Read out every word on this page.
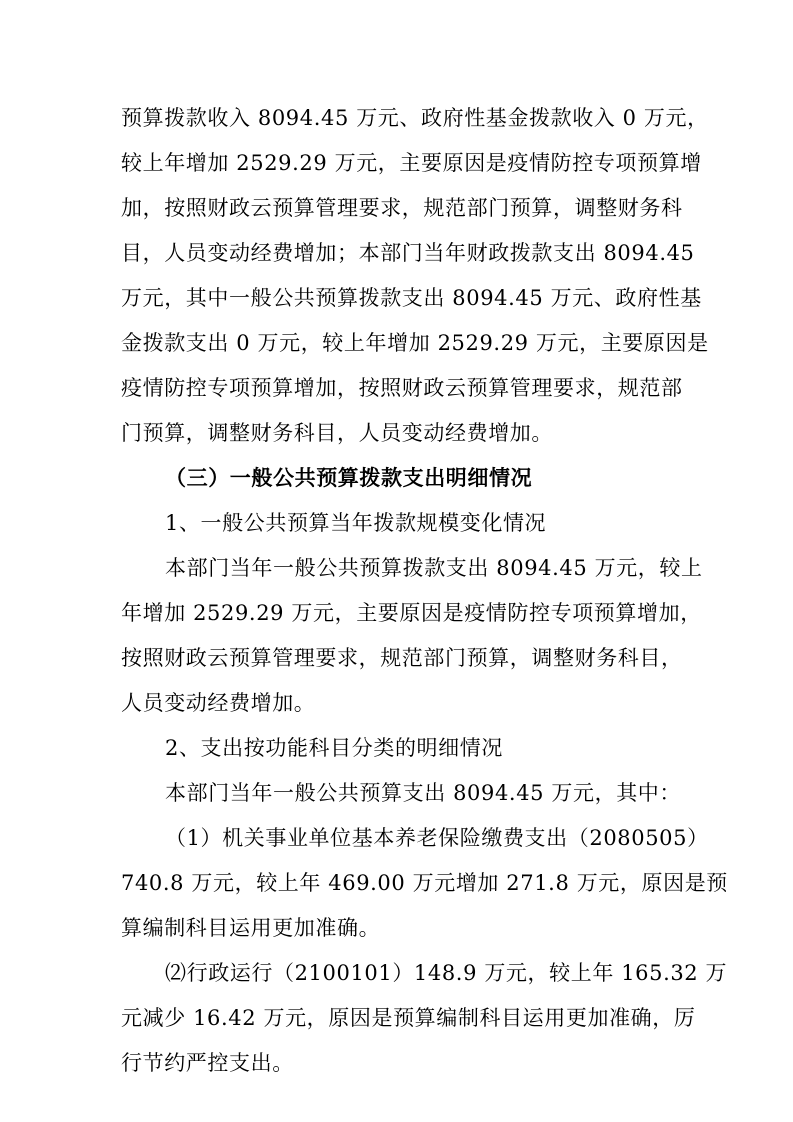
预算拨款收入 8094.45 万元、政府性基金拨款收入 0 万元，
较上年增加 2529.29 万元，主要原因是疫情防控专项预算增
加，按照财政云预算管理要求，规范部门预算，调整财务科
目，人员变动经费增加；本部门当年财政拨款支出 8094.45
万元，其中一般公共预算拨款支出 8094.45 万元、政府性基
金拨款支出 0 万元，较上年增加 2529.29 万元，主要原因是
疫情防控专项预算增加，按照财政云预算管理要求，规范部
门预算，调整财务科目，人员变动经费增加。
（三）一般公共预算拨款支出明细情况
1、一般公共预算当年拨款规模变化情况
本部门当年一般公共预算拨款支出 8094.45 万元，较上
年增加 2529.29 万元，主要原因是疫情防控专项预算增加，
按照财政云预算管理要求，规范部门预算，调整财务科目，
人员变动经费增加。
2、支出按功能科目分类的明细情况
本部门当年一般公共预算支出 8094.45 万元，其中：
（1）机关事业单位基本养老保险缴费支出（2080505）
740.8 万元，较上年 469.00 万元增加 271.8 万元，原因是预
算编制科目运用更加准确。
⑵行政运行（2100101）148.9 万元，较上年 165.32 万
元减少 16.42 万元，原因是预算编制科目运用更加准确，厉
行节约严控支出。
